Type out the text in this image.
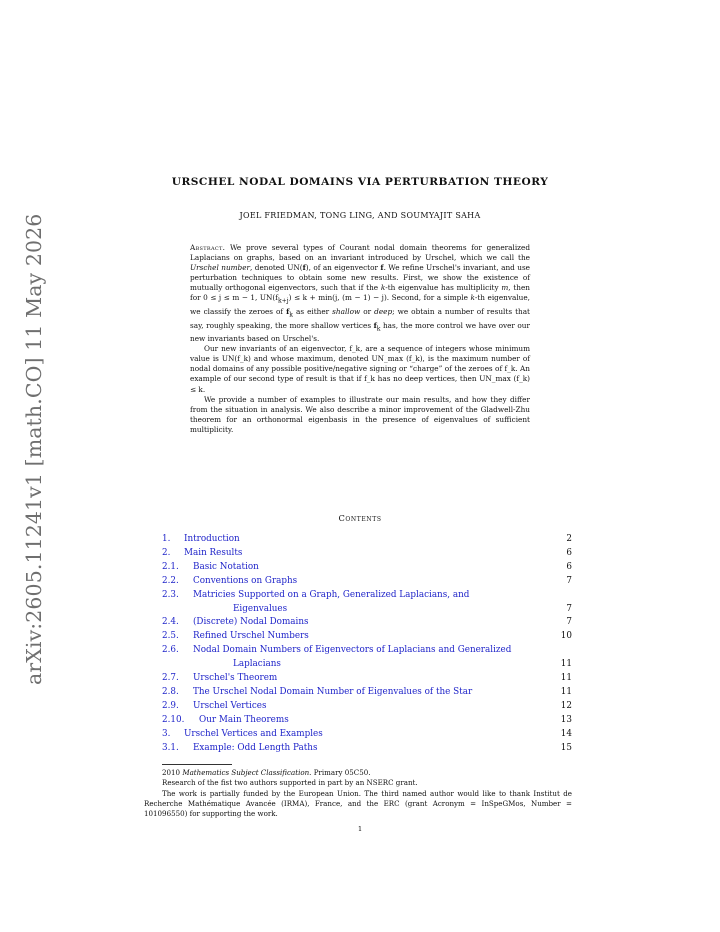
arXiv:2605.11241v1 [math.CO] 11 May 2026
URSCHEL NODAL DOMAINS VIA PERTURBATION THEORY
JOEL FRIEDMAN, TONG LING, AND SOUMYAJIT SAHA

Abstract. We prove several types of Courant nodal domain theorems for generalized Laplacians on graphs, based on an invariant introduced by Urschel, which we call the Urschel number, denoted UN(f), of an eigenvector f. We refine Urschel's invariant, and use perturbation techniques to obtain some new results. First, we show the existence of mutually orthogonal eigenvectors, such that if the k-th eigenvalue has multiplicity m, then for 0 ≤ j ≤ m − 1, $UN(f_{k+j}) \le k + \min(j$, (m − 1) − j). Second, for a simple k-th eigenvalue, we classify the zeroes of $f_k$ as either shallow or deep; we obtain a number of results that say, roughly speaking, the more shallow vertices $f_k$ has, the more control we have over our new invariants based on Urschel's.

Our new invariants of an eigenvector, f_k, are a sequence of integers whose minimum value is UN(f_k) and whose maximum, denoted UN_max (f_k), is the maximum number of nodal domains of any possible positive/negative signing or “charge” of the zeroes of f_k. An example of our second type of result is that if f_k has no deep vertices, then UN_max (f_k) ≤ k.

We provide a number of examples to illustrate our main results, and how they differ from the situation in analysis. We also describe a minor improvement of the Gladwell-Zhu theorem for an orthonormal eigenbasis in the presence of eigenvalues of sufficient multiplicity.

Contents
1. Introduction	2
2. Main Results	6
2.1. Basic Notation	6
2.2. Conventions on Graphs	7
2.3. Matricies Supported on a Graph, Generalized Laplacians, and
Eigenvalues	7
2.4. (Discrete) Nodal Domains	7
2.5. Refined Urschel Numbers	10
2.6. Nodal Domain Numbers of Eigenvectors of Laplacians and Generalized
Laplacians	11
2.7. Urschel's Theorem	11
2.8. The Urschel Nodal Domain Number of Eigenvalues of the Star	11
2.9. Urschel Vertices	12
2.10. Our Main Theorems	13
3. Urschel Vertices and Examples	14
3.1. Example: Odd Length Paths	15

2010 Mathematics Subject Classification. Primary 05C50.

Research of the fist two authors supported in part by an NSERC grant.

The work is partially funded by the European Union. The third named author would like to thank Institut de Recherche Mathématique Avancée (IRMA), France, and the ERC (grant Acronym = InSpeGMos, Number = 101096550) for supporting the work.

1
